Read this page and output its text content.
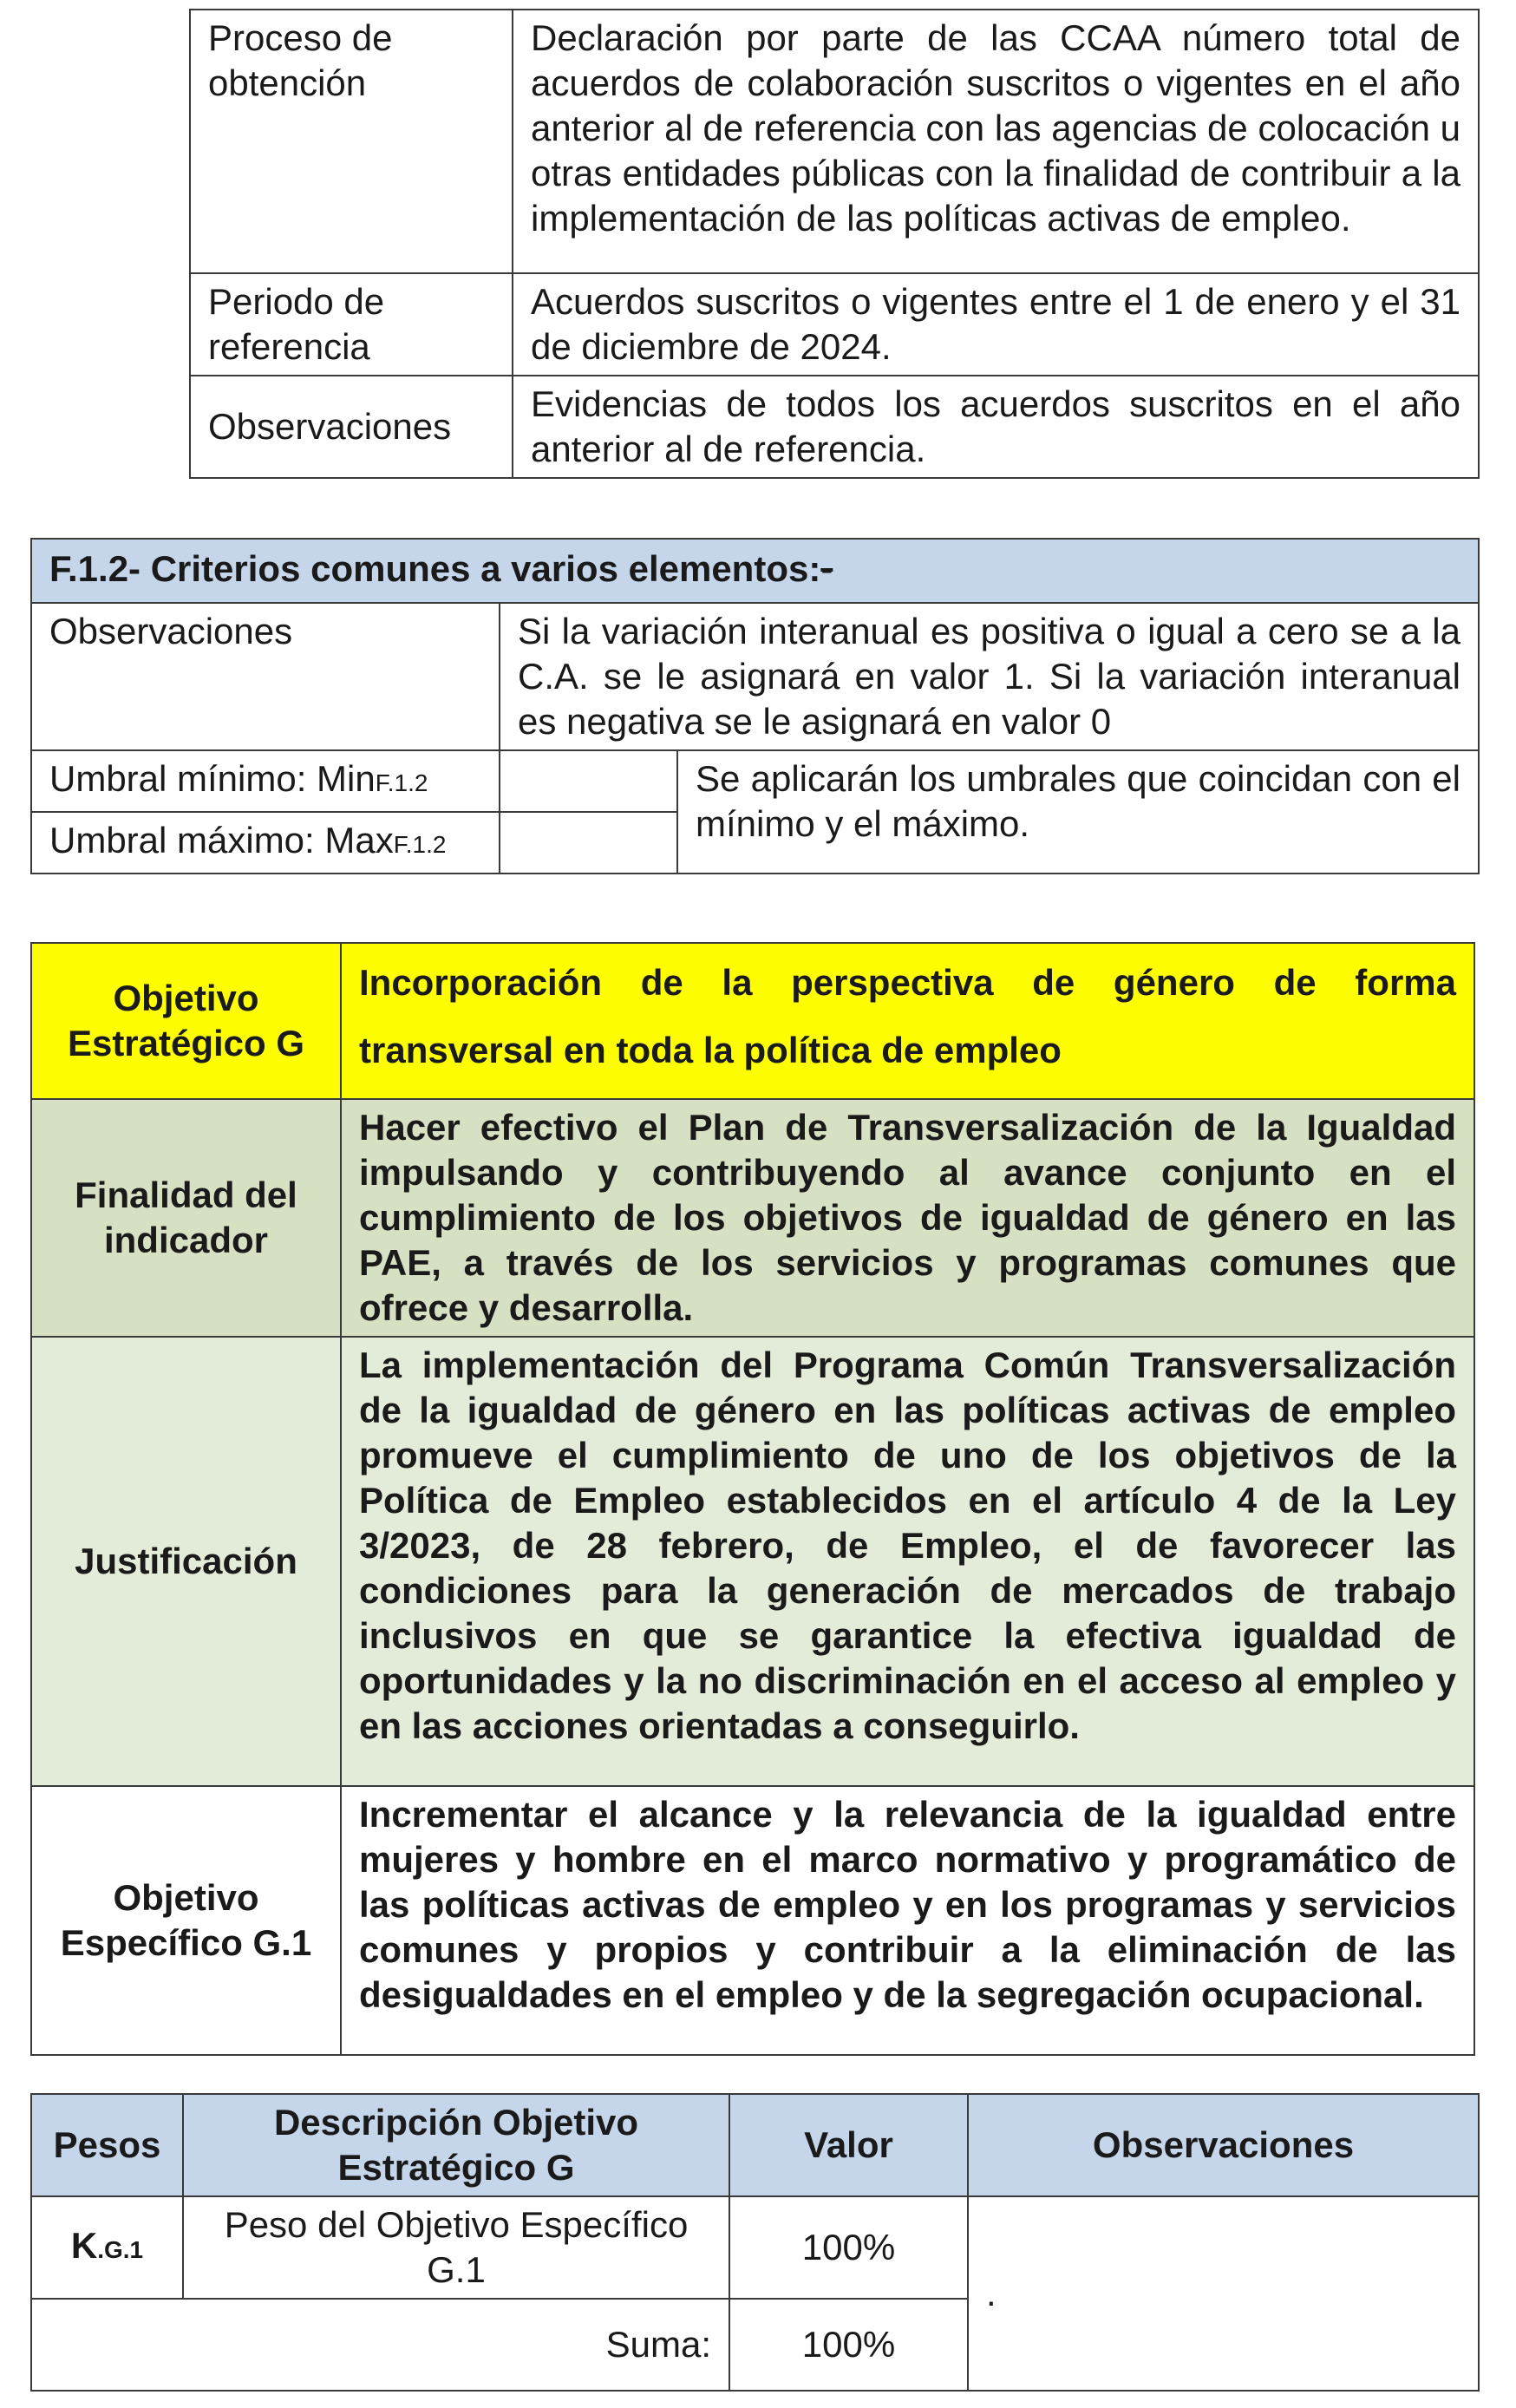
Proceso de obtención	Declaración por parte de las CCAA número total de acuerdos de colaboración suscritos o vigentes en el año anterior al de referencia con las agencias de colocación u otras entidades públicas con la finalidad de contribuir a la implementación de las políticas activas de empleo.
Periodo de referencia	Acuerdos suscritos o vigentes entre el 1 de enero y el 31 de diciembre de 2024.
Observaciones	Evidencias de todos los acuerdos suscritos en el año anterior al de referencia.
F.1.2- Criterios comunes a varios elementos:-		
Observaciones	Si la variación interanual es positiva o igual a cero se a la C.A. se le asignará en valor 1. Si la variación interanual es negativa se le asignará en valor 0	
Umbral mínimo: MinF.1.2		Se aplicarán los umbrales que coincidan con el mínimo y el máximo.
Umbral máximo: MaxF.1.2		
Objetivo Estratégico G	Incorporación de la perspectiva de género de forma transversal en toda la política de empleo
Finalidad del indicador	Hacer efectivo el Plan de Transversalización de la Igualdad impulsando y contribuyendo al avance conjunto en el cumplimiento de los objetivos de igualdad de género en las PAE, a través de los servicios y programas comunes que ofrece y desarrolla.
Justificación	La implementación del Programa Común Transversalización de la igualdad de género en las políticas activas de empleo promueve el cumplimiento de uno de los objetivos de la Política de Empleo establecidos en el artículo 4 de la Ley 3/2023, de 28 febrero, de Empleo, el de favorecer las condiciones para la generación de mercados de trabajo inclusivos en que se garantice la efectiva igualdad de oportunidades y la no discriminación en el acceso al empleo y en las acciones orientadas a conseguirlo.
Objetivo Específico G.1	Incrementar el alcance y la relevancia de la igualdad entre mujeres y hombre en el marco normativo y programático de las políticas activas de empleo y en los programas y servicios comunes y propios y contribuir a la eliminación de las desigualdades en el empleo y de la segregación ocupacional.
Pesos	Descripción Objetivo Estratégico G	Valor	Observaciones
K.G.1	Peso del Objetivo Específico G.1	100%	.
Suma:		100%	
